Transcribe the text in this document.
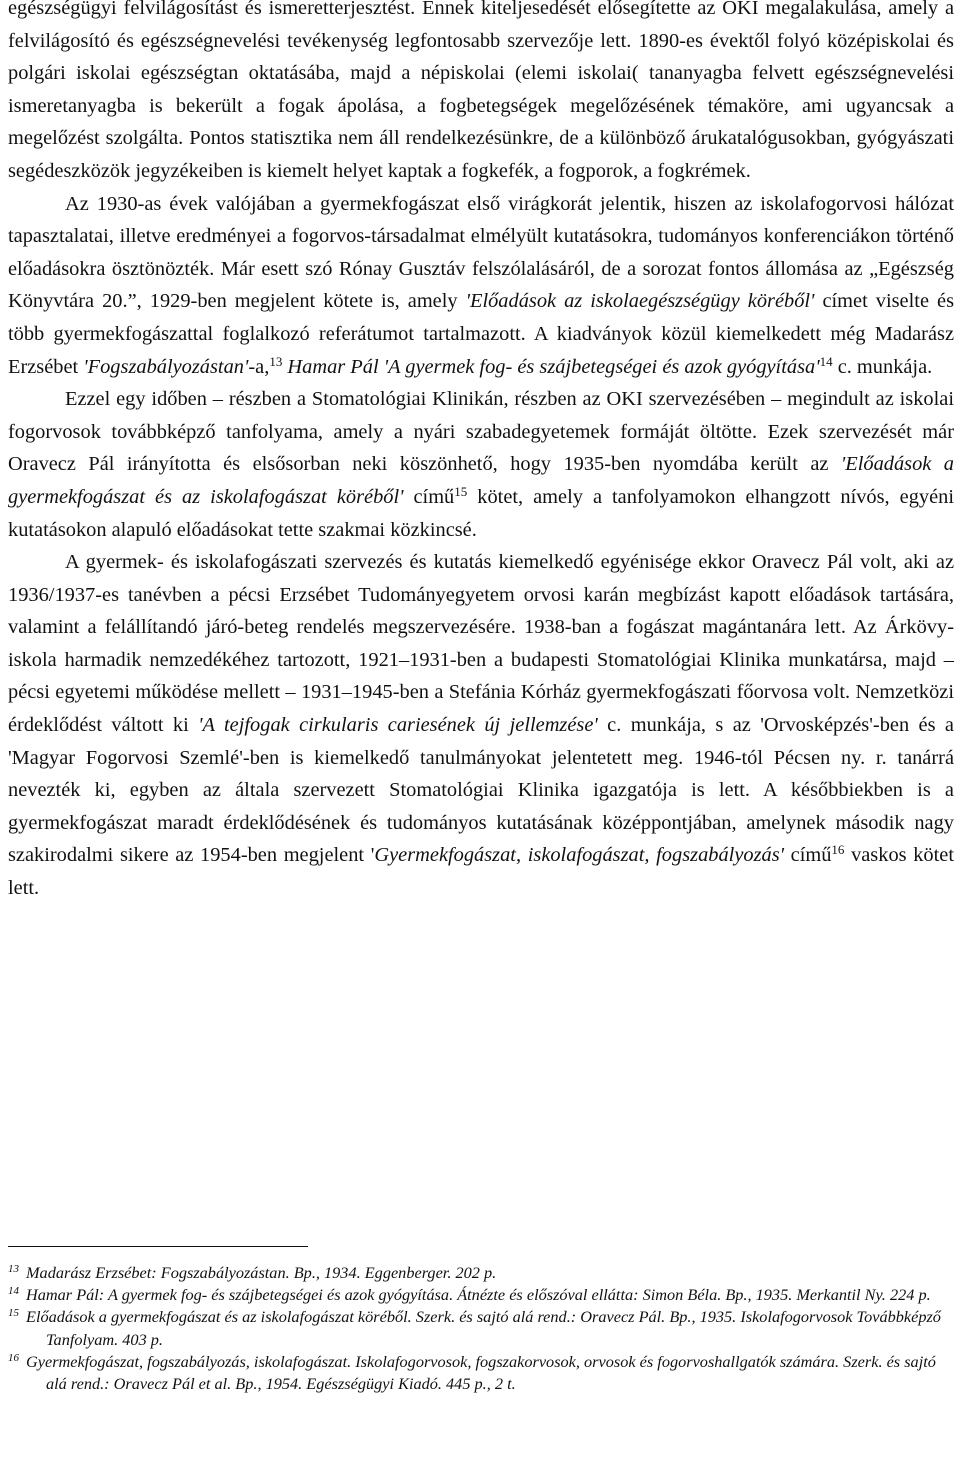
egészségügyi felvilágosítást és ismeretterjesztést. Ennek kiteljesedését elősegítette az OKI megalakulása, amely a felvilágosító és egészségnevelési tevékenység legfontosabb szervezője lett. 1890-es évektől folyó középiskolai és polgári iskolai egészségtan oktatásába, majd a népiskolai (elemi iskolai( tananyagba felvett egészségnevelési ismeretanyagba is bekerült a fogak ápolása, a fogbetegségek megelőzésének témaköre, ami ugyancsak a megelőzést szolgálta. Pontos statisztika nem áll rendelkezésünkre, de a különböző árukatalógusokban, gyógyászati segédeszközök jegyzékeiben is kiemelt helyet kaptak a fogkefék, a fogporok, a fogkrémek.

Az 1930-as évek valójában a gyermekfogászat első virágkorát jelentik, hiszen az iskolafogorvosi hálózat tapasztalatai, illetve eredményei a fogorvos-társadalmat elmélyült kutatásokra, tudományos konferenciákon történő előadásokra ösztönözték. Már esett szó Rónay Gusztáv felszólalásáról, de a sorozat fontos állomása az „Egészség Könyvtára 20.”, 1929-ben megjelent kötete is, amely 'Előadások az iskolaegészségügy köréből' címet viselte és több gyermekfogászattal foglalkozó referátumot tartalmazott. A kiadványok közül kiemelkedett még Madarász Erzsébet 'Fogszabályozástan'-a,$^{13}$ Hamar Pál 'A gyermek fog- és szájbetegségei és azok $gyógyítása'^{14}$ c. munkája.

Ezzel egy időben – részben a Stomatológiai Klinikán, részben az OKI szervezésében – megindult az iskolai fogorvosok továbbképző tanfolyama, amely a nyári szabadegyetemek formáját öltötte. Ezek szervezését már Oravecz Pál irányította és elsősorban neki köszönhető, hogy 1935-ben nyomdába került az 'Előadások a gyermekfogászat és az iskolafogászat köréből' című$^{15}$ kötet, amely a tanfolyamokon elhangzott nívós, egyéni kutatásokon alapuló előadásokat tette szakmai közkincsé.

A gyermek- és iskolafogászati szervezés és kutatás kiemelkedő egyénisége ekkor Oravecz Pál volt, aki az 1936/1937-es tanévben a pécsi Erzsébet Tudományegyetem orvosi karán megbízást kapott előadások tartására, valamint a felállítandó járó-beteg rendelés megszervezésére. 1938-ban a fogászat magántanára lett. Az Árkövy-iskola harmadik nemzedékéhez tartozott, 1921–1931-ben a budapesti Stomatológiai Klinika munkatársa, majd – pécsi egyetemi működése mellett – 1931–1945-ben a Stefánia Kórház gyermekfogászati főorvosa volt. Nemzetközi érdeklődést váltott ki 'A tejfogak cirkularis cariesének új jellemzése' c. munkája, s az 'Orvosképzés'-ben és a 'Magyar Fogorvosi Szemlé'-ben is kiemelkedő tanulmányokat jelentetett meg. 1946-tól Pécsen ny. r. tanárrá nevezték ki, egyben az általa szervezett Stomatológiai Klinika igazgatója is lett. A későbbiekben is a gyermekfogászat maradt érdeklődésének és tudományos kutatásának középpontjában, amelynek második nagy szakirodalmi sikere az 1954-ben megjelent 'Gyermekfogászat, iskolafogászat, fogszabályozás' című$^{16}$ vaskos kötet lett.

$^{13}$ Madarász Erzsébet: Fogszabályozástan. Bp., 1934. Eggenberger. 202 p.
$^{14}$ Hamar Pál: A gyermek fog- és szájbetegségei és azok gyógyítása. Átnézte és előszóval ellátta: Simon Béla. Bp., 1935. Merkantil Ny. 224 p.
$^{15}$ Előadások a gyermekfogászat és az iskolafogászat köréből. Szerk. és sajtó alá rend.: Oravecz Pál. Bp., 1935. Iskolafogorvosok Továbbképző Tanfolyam. 403 p.
$^{16}$ Gyermekfogászat, fogszabályozás, iskolafogászat. Iskolafogorvosok, fogszakorvosok, orvosok és fogorvoshallgatók számára. Szerk. és sajtó alá rend.: Oravecz Pál et al. Bp., 1954. Egészségügyi Kiadó. 445 p., 2 t.
